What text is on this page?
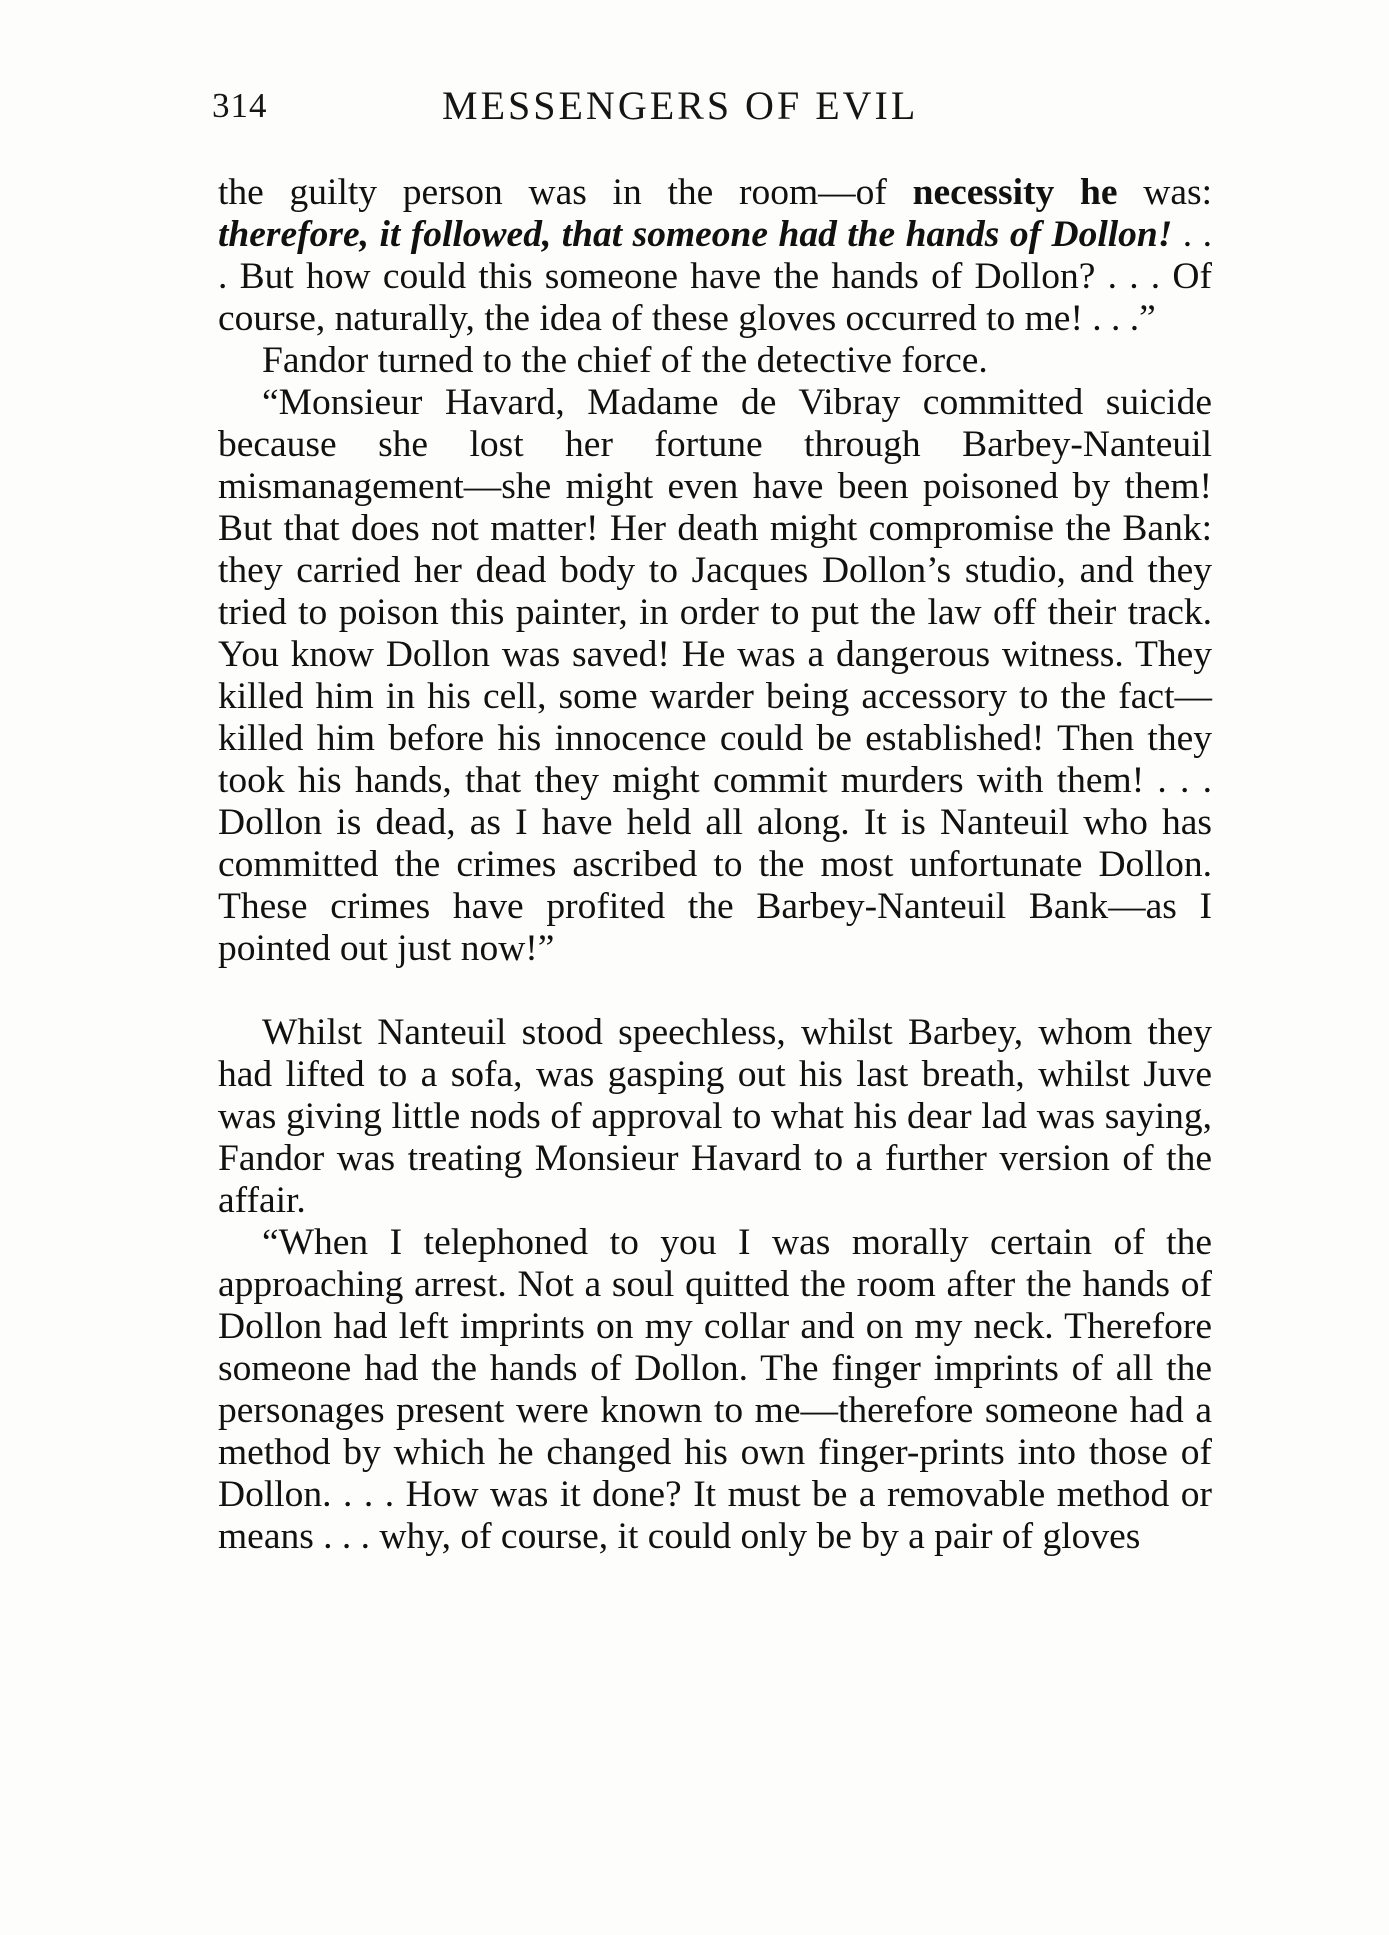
314	MESSENGERS OF EVIL

the guilty person was in the room—of necessity he was: therefore, it followed, that someone had the hands of Dollon! . . . But how could this someone have the hands of Dollon? . . . Of course, naturally, the idea of these gloves occurred to me! . . .”

Fandor turned to the chief of the detective force.

“Monsieur Havard, Madame de Vibray committed suicide because she lost her fortune through Barbey-Nanteuil mismanagement—she might even have been poisoned by them! But that does not matter! Her death might compromise the Bank: they carried her dead body to Jacques Dollon’s studio, and they tried to poison this painter, in order to put the law off their track. You know Dollon was saved! He was a dangerous witness. They killed him in his cell, some warder being accessory to the fact—killed him before his innocence could be established! Then they took his hands, that they might commit murders with them! . . . Dollon is dead, as I have held all along. It is Nanteuil who has committed the crimes ascribed to the most unfortunate Dollon. These crimes have profited the Barbey-Nanteuil Bank—as I pointed out just now!”

Whilst Nanteuil stood speechless, whilst Barbey, whom they had lifted to a sofa, was gasping out his last breath, whilst Juve was giving little nods of approval to what his dear lad was saying, Fandor was treating Monsieur Havard to a further version of the affair.

“When I telephoned to you I was morally certain of the approaching arrest. Not a soul quitted the room after the hands of Dollon had left imprints on my collar and on my neck. Therefore someone had the hands of Dollon. The finger imprints of all the personages present were known to me—therefore someone had a method by which he changed his own finger-prints into those of Dollon. . . . How was it done? It must be a removable method or means . . . why, of course, it could only be by a pair of gloves
